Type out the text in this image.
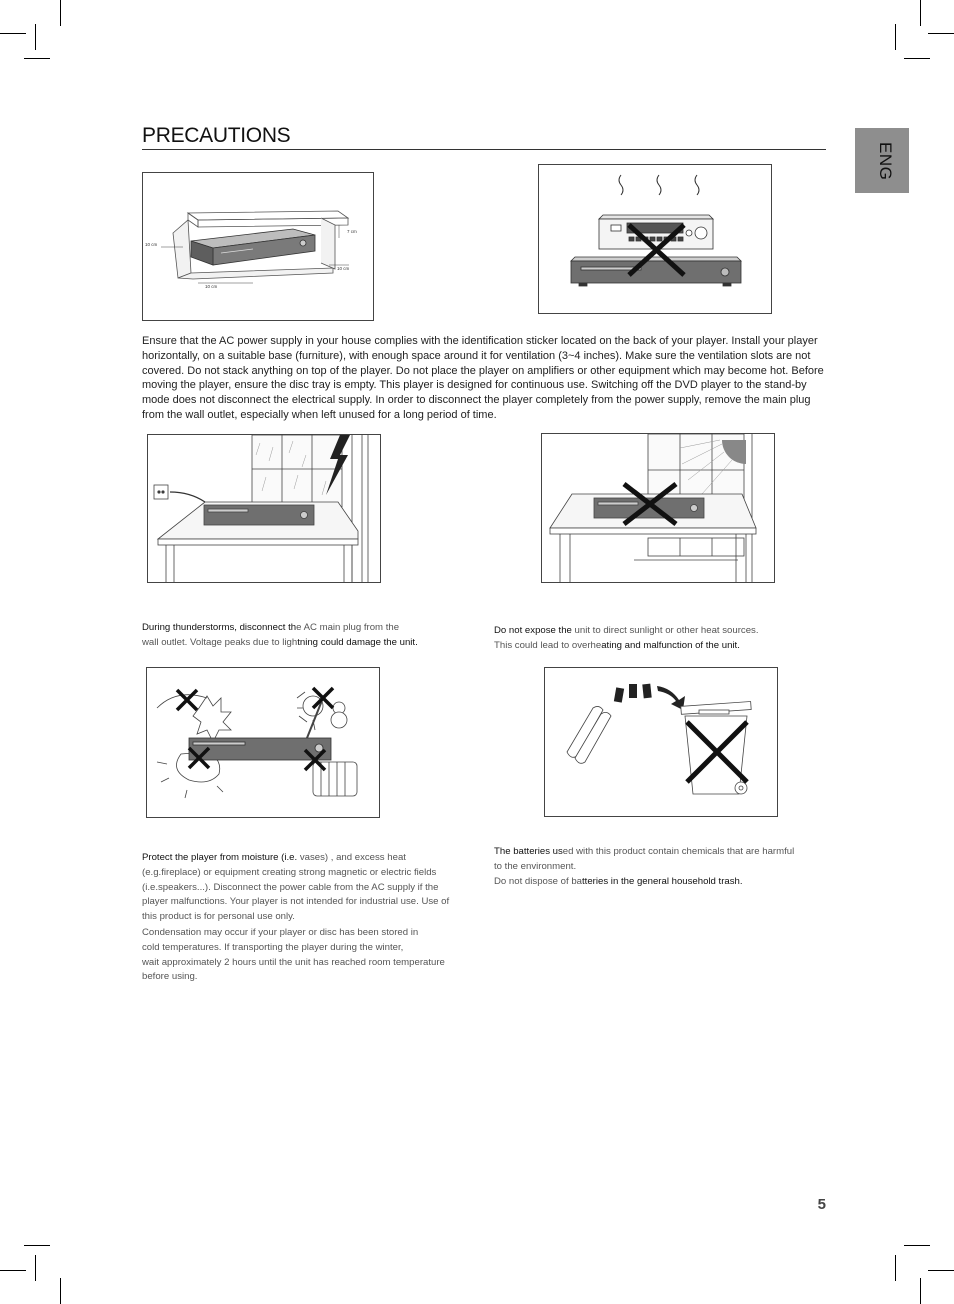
PRECAUTIONS
ENG
10 cm
7 cm
10 cm
10 cm
Ensure that the AC power supply in your house complies with the identification sticker located on the back of your player. Install your player horizontally, on a suitable base (furniture), with enough space around it for ventilation (3~4 inches). Make sure the ventilation slots are not covered. Do not stack anything on top of the player. Do not place the player on amplifiers or other equipment which may become hot. Before moving the player, ensure the disc tray is empty. This player is designed for continuous use. Switching off the DVD player to the stand-by mode does not disconnect the electrical supply. In order to disconnect the player completely from the power supply, remove the main plug from the wall outlet, especially when left unused for a long period of time.

During thunderstorms, disconnect the AC main plug from the

wall outlet. Voltage peaks due to lightning could damage the unit.

Do not expose the unit to direct sunlight or other heat sources.

This could lead to overheating and malfunction of the unit.

Protect the player from moisture (i.e. vases) , and excess heat

(e.g.fireplace) or equipment creating strong magnetic or electric fields

(i.e.speakers...). Disconnect the power cable from the AC supply if the

player malfunctions. Your player is not intended for industrial use. Use of

this product is for personal use only.

Condensation may occur if your player or disc has been stored in

cold temperatures. If transporting the player during the winter,

wait approximately 2 hours until the unit has reached room temperature

before using.

The batteries used with this product contain chemicals that are harmful

to the environment.

Do not dispose of batteries in the general household trash.

5
